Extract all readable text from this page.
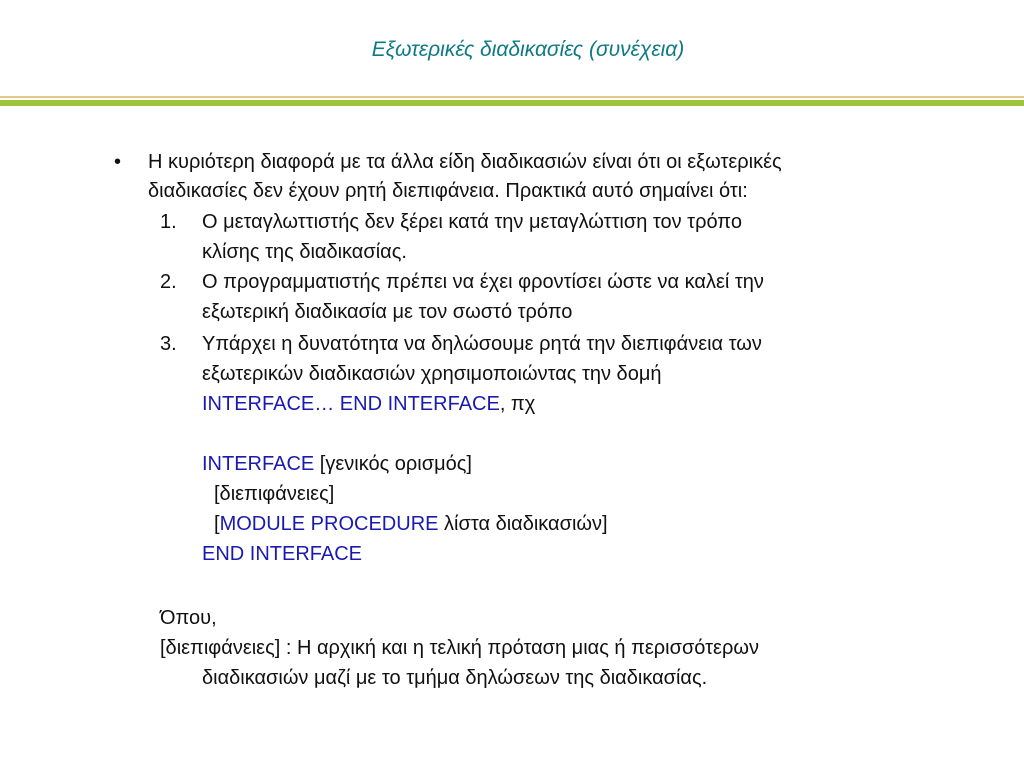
Εξωτερικές διαδικασίες (συνέχεια)
• Η κυριότερη διαφορά με τα άλλα είδη διαδικασιών είναι ότι οι εξωτερικές
διαδικασίες δεν έχουν ρητή διεπιφάνεια. Πρακτικά αυτό σημαίνει ότι:
1. Ο μεταγλωττιστής δεν ξέρει κατά την μεταγλώττιση τον τρόπο
κλίσης της διαδικασίας.
2. Ο προγραμματιστής πρέπει να έχει φροντίσει ώστε να καλεί την
εξωτερική διαδικασία με τον σωστό τρόπο
3. Υπάρχει η δυνατότητα να δηλώσουμε ρητά την διεπιφάνεια των
εξωτερικών διαδικασιών χρησιμοποιώντας την δομή
INTERFACE… END INTERFACE, πχ
INTERFACE [γενικός ορισμός]
[διεπιφάνειες]
[MODULE PROCEDURE λίστα διαδικασιών]
END INTERFACE
Όπου,
[διεπιφάνειες] : Η αρχική και η τελική πρόταση μιας ή περισσότερων
διαδικασιών μαζί με το τμήμα δηλώσεων της διαδικασίας.
